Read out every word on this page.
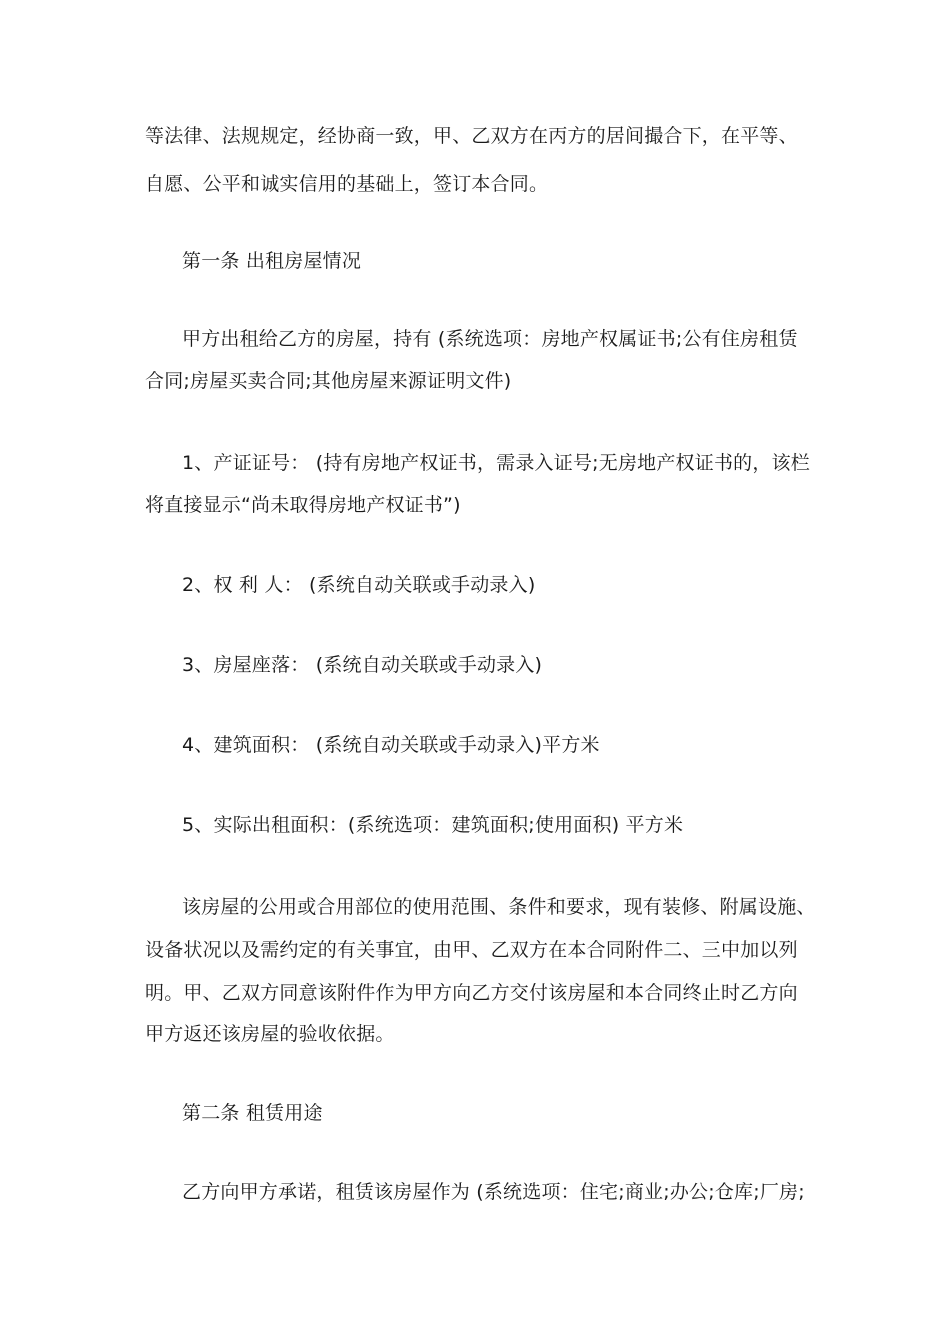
等法律、法规规定，经协商一致，甲、乙双方在丙方的居间撮合下，在平等、
自愿、公平和诚实信用的基础上，签订本合同。
第一条 出租房屋情况
甲方出租给乙方的房屋，持有 (系统选项：房地产权属证书;公有住房租赁
合同;房屋买卖合同;其他房屋来源证明文件)
1、产证证号： (持有房地产权证书，需录入证号;无房地产权证书的，该栏
将直接显示“尚未取得房地产权证书”)
2、权 利 人： (系统自动关联或手动录入)
3、房屋座落： (系统自动关联或手动录入)
4、建筑面积： (系统自动关联或手动录入)平方米
5、实际出租面积：(系统选项：建筑面积;使用面积) 平方米
该房屋的公用或合用部位的使用范围、条件和要求，现有装修、附属设施、
设备状况以及需约定的有关事宜，由甲、乙双方在本合同附件二、三中加以列
明。甲、乙双方同意该附件作为甲方向乙方交付该房屋和本合同终止时乙方向
甲方返还该房屋的验收依据。
第二条 租赁用途
乙方向甲方承诺，租赁该房屋作为 (系统选项：住宅;商业;办公;仓库;厂房;
